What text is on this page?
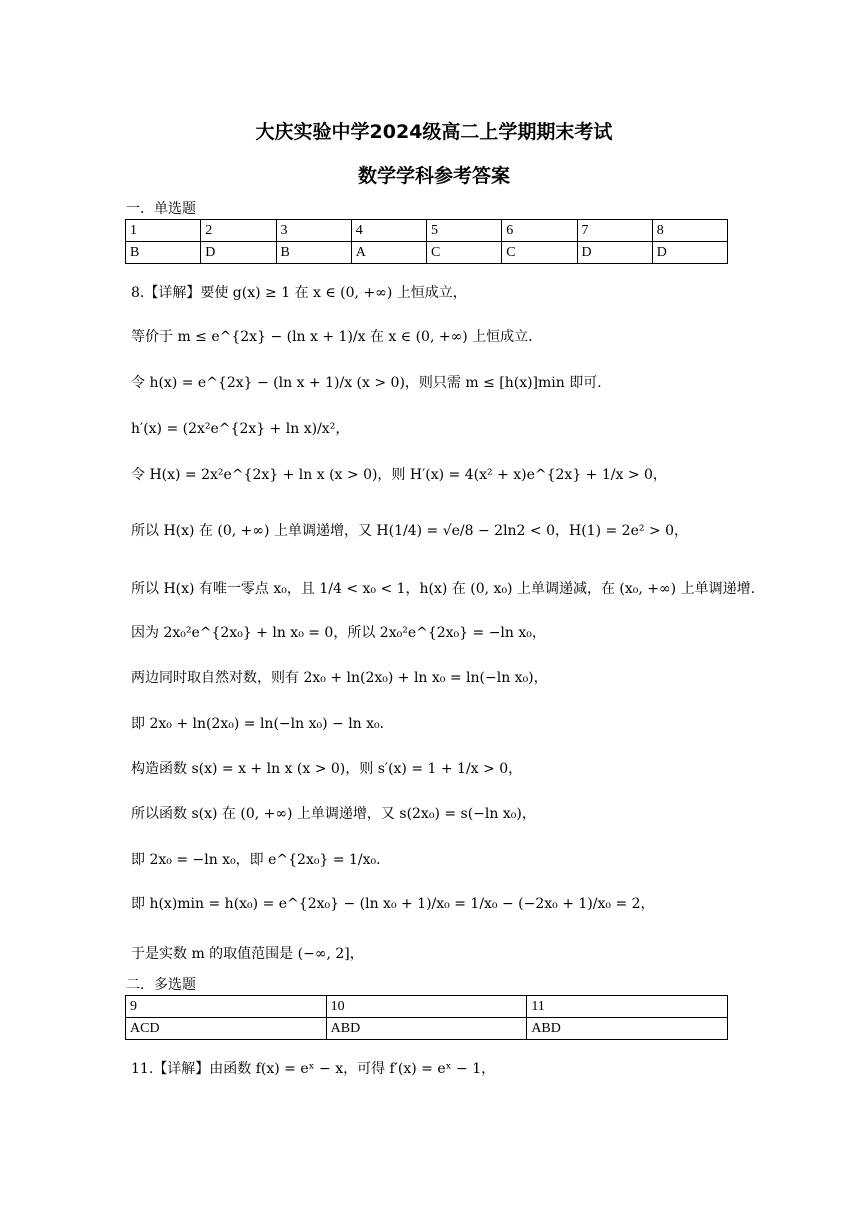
大庆实验中学2024级高二上学期期末考试
数学学科参考答案
一．单选题
1	2	3	4	5	6	7	8
B	D	B	A	C	C	D	D
8.【详解】要使 g(x) ≥ 1 在 x ∈ (0, +∞) 上恒成立，
等价于 m ≤ e^{2x} − (ln x + 1)/x 在 x ∈ (0, +∞) 上恒成立．
令 h(x) = e^{2x} − (ln x + 1)/x (x > 0)，则只需 m ≤ [h(x)]min 即可．
h′(x) = (2x²e^{2x} + ln x)/x²，
令 H(x) = 2x²e^{2x} + ln x (x > 0)，则 H′(x) = 4(x² + x)e^{2x} + 1/x > 0，
所以 H(x) 在 (0, +∞) 上单调递增，又 H(1/4) = √e/8 − 2ln2 < 0，H(1) = 2e² > 0，
所以 H(x) 有唯一零点 x₀，且 1/4 < x₀ < 1，h(x) 在 (0, x₀) 上单调递减，在 (x₀, +∞) 上单调递增.
因为 2x₀²e^{2x₀} + ln x₀ = 0，所以 2x₀²e^{2x₀} = −ln x₀，
两边同时取自然对数，则有 2x₀ + ln(2x₀) + ln x₀ = ln(−ln x₀)，
即 2x₀ + ln(2x₀) = ln(−ln x₀) − ln x₀．
构造函数 s(x) = x + ln x (x > 0)，则 s′(x) = 1 + 1/x > 0，
所以函数 s(x) 在 (0, +∞) 上单调递增，又 s(2x₀) = s(−ln x₀)，
即 2x₀ = −ln x₀，即 e^{2x₀} = 1/x₀．
即 h(x)min = h(x₀) = e^{2x₀} − (ln x₀ + 1)/x₀ = 1/x₀ − (−2x₀ + 1)/x₀ = 2，
于是实数 m 的取值范围是 (−∞, 2]，
二．多选题
9	10	11
ACD	ABD	ABD
11.【详解】由函数 f(x) = eˣ − x，可得 f′(x) = eˣ − 1，
